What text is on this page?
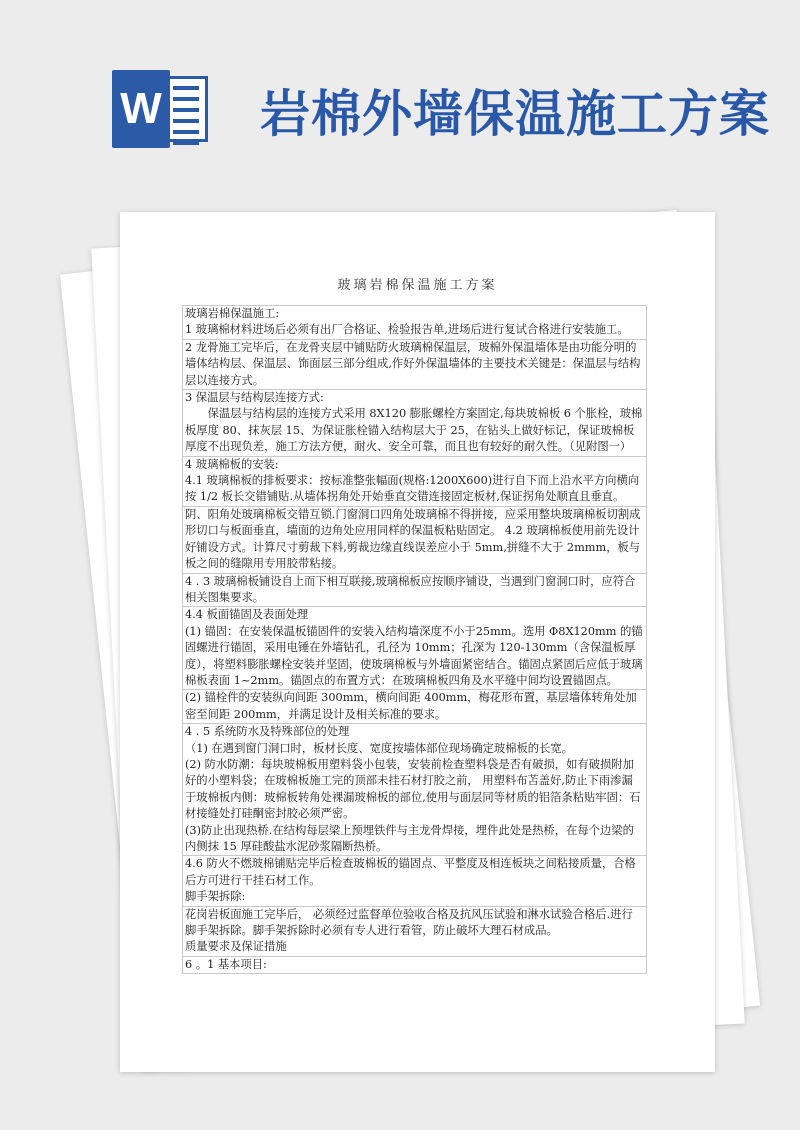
W 岩棉外墙保温施工方案
玻璃岩棉保温施工方案

玻璃岩棉保温施工:

1 玻璃棉材料进场后必须有出厂合格证、检验报告单,进场后进行复试合格进行安装施工。

2 龙骨施工完毕后，在龙骨夹层中铺贴防火玻璃棉保温层，玻棉外保温墙体是由功能分明的墙体结构层、保温层、饰面层三部分组成,作好外保温墙体的主要技术关键是：保温层与结构层以连接方式。

3 保温层与结构层连接方式:

保温层与结构层的连接方式采用 8X120 膨胀螺栓方案固定,每块玻棉板 6 个胀栓，玻棉板厚度 80、抹灰层 15、为保证胀栓锚入结构层大于 25，在钻头上做好标记，保证玻棉板厚度不出现负差，施工方法方便，耐火、安全可靠，而且也有较好的耐久性。（见附图一）

4 玻璃棉板的安装:

4.1 玻璃棉板的排板要求：按标准整张幅面(规格:1200X600)进行自下而上沿水平方向横向按 1/2 板长交错铺贴.从墙体拐角处开始垂直交错连接固定板材,保证拐角处顺直且垂直。

阴、阳角处玻璃棉板交错互锁.门窗洞口四角处玻璃棉不得拼接，应采用整块玻璃棉板切割成形切口与板面垂直，墙面的边角处应用同样的保温板粘贴固定。 4.2 玻璃棉板使用前先设计好铺设方式。计算尺寸剪裁下料,剪裁边缘直线误差应小于 5mm,拼缝不大于 2mmm，板与板之间的缝隙用专用胶带粘接。

4 . 3 玻璃棉板铺设自上而下相互联接,玻璃棉板应按顺序铺设，当遇到门窗洞口时，应符合相关图集要求。

4.4 板面锚固及表面处理

(1) 锚固：在安装保温板锚固件的安装入结构墙深度不小于25mm。选用 Φ8X120mm 的锚固螺进行锚固，采用电锤在外墙钻孔，孔径为 10mm；孔深为 120-130mm（含保温板厚度），将塑料膨胀螺栓安装并坚固，使玻璃棉板与外墙面紧密结合。锚固点紧固后应低于玻璃棉板表面 1~2mm。锚固点的布置方式：在玻璃棉板四角及水平缝中间均设置锚固点。

(2) 锚栓件的安装纵向间距 300mm，横向间距 400mm，梅花形布置，基层墙体转角处加密至间距 200mm，并满足设计及相关标准的要求。

4 . 5 系统防水及特殊部位的处理

（1) 在遇到窗门洞口时，板材长度、宽度按墙体部位现场确定玻棉板的长宽。

(2) 防水防潮：每块玻棉板用塑料袋小包装，安装前检查塑料袋是否有破损，如有破损附加好的小塑料袋；在玻棉板施工完的顶部未挂石材打胶之前， 用塑料布苫盖好,防止下雨渗漏于玻棉板内侧：玻棉板转角处裸漏玻棉板的部位,使用与面层同等材质的铝箔条粘贴牢固：石材接缝处打硅酮密封胶必须严密。

(3)防止出现热桥.在结构每层梁上预埋铁件与主龙骨焊接，埋件此处是热桥，在每个边梁的内侧抹 15 厚硅酸盐水泥砂浆隔断热桥。

4.6 防火不燃玻棉铺贴完毕后检查玻棉板的锚固点、平整度及相连板块之间粘接质量，合格后方可进行干挂石材工作。

脚手架拆除:

花岗岩板面施工完毕后， 必须经过监督单位验收合格及抗风压试验和淋水试验合格后.进行脚手架拆除。脚手架拆除时必须有专人进行看管，防止破坏大理石材成品。

质量要求及保证措施

6 。1 基本项目:
